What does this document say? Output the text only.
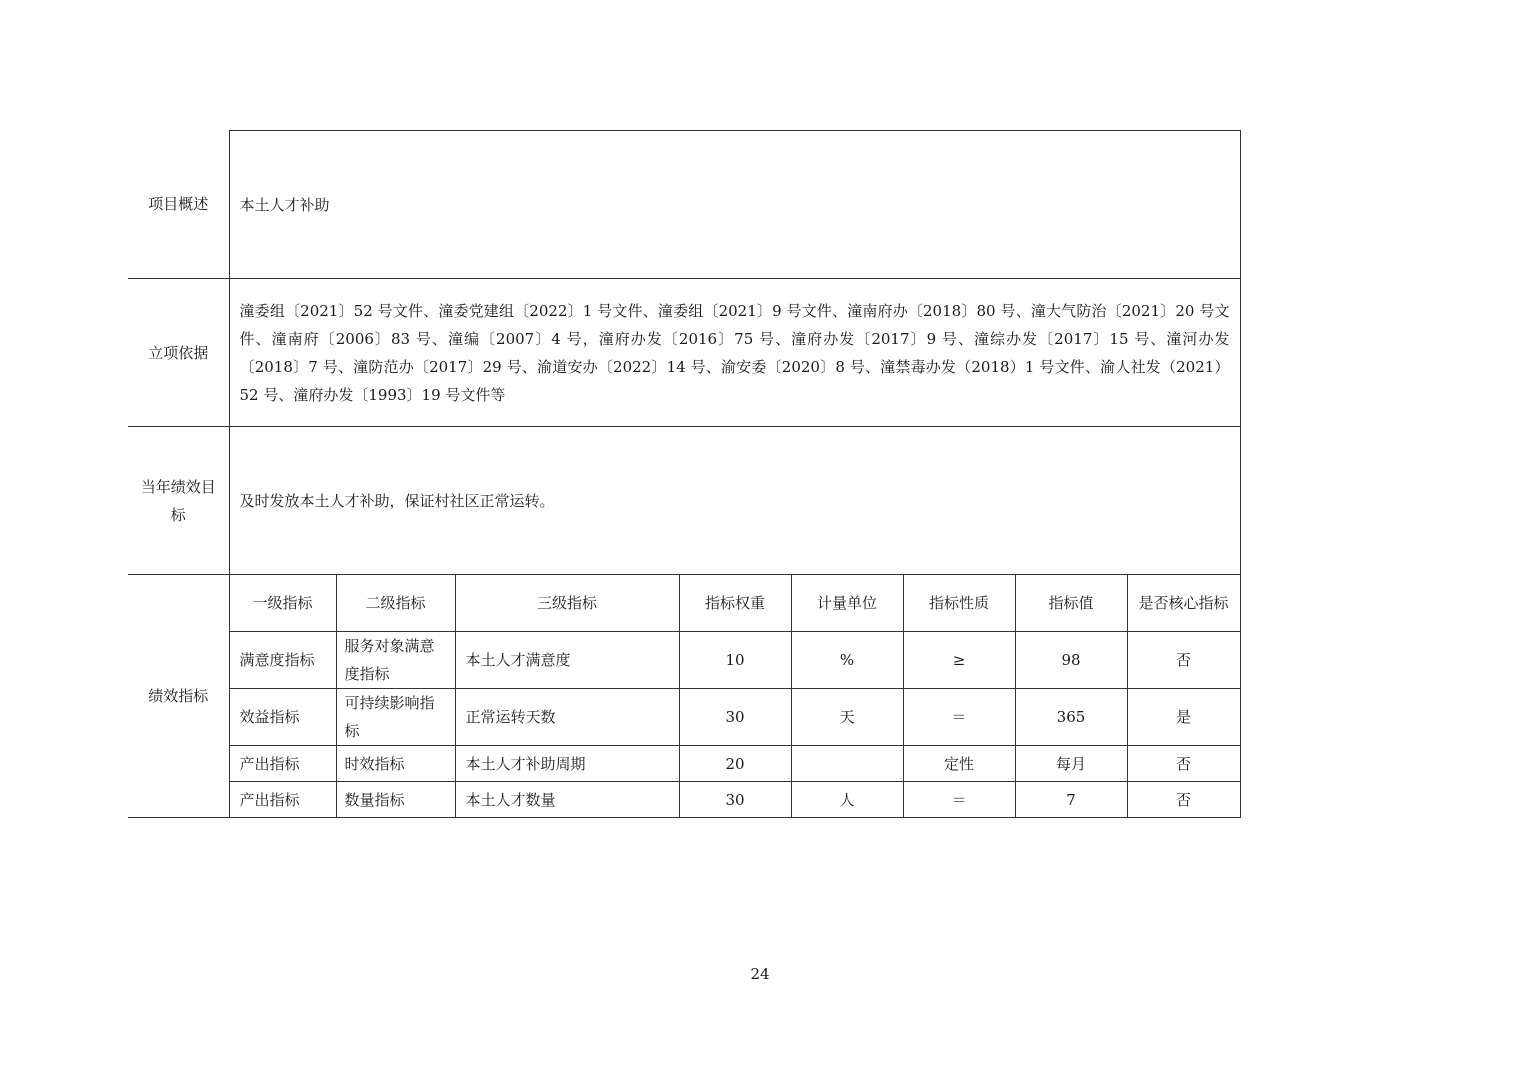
项目概述	本土人才补助							
立项依据	潼委组〔2021〕52 号文件、潼委党建组〔2022〕1 号文件、潼委组〔2021〕9 号文件、潼南府办〔2018〕80 号、潼大气防治〔2021〕20 号文件、潼南府〔2006〕83 号、潼编〔2007〕4 号，潼府办发〔2016〕75 号、潼府办发〔2017〕9 号、潼综办发〔2017〕15 号、潼河办发〔2018〕7 号、潼防范办〔2017〕29 号、渝道安办〔2022〕14 号、渝安委〔2020〕8 号、潼禁毒办发（2018）1 号文件、渝人社发（2021）52 号、潼府办发〔1993〕19 号文件等							
当年绩效目标	及时发放本土人才补助，保证村社区正常运转。							
绩效指标	一级指标	二级指标	三级指标	指标权重	计量单位	指标性质	指标值	是否核心指标
	满意度指标	服务对象满意度指标	本土人才满意度	10	%	≥	98	否
	效益指标	可持续影响指标	正常运转天数	30	天	＝	365	是
	产出指标	时效指标	本土人才补助周期	20		定性	每月	否
	产出指标	数量指标	本土人才数量	30	人	＝	7	否
24
